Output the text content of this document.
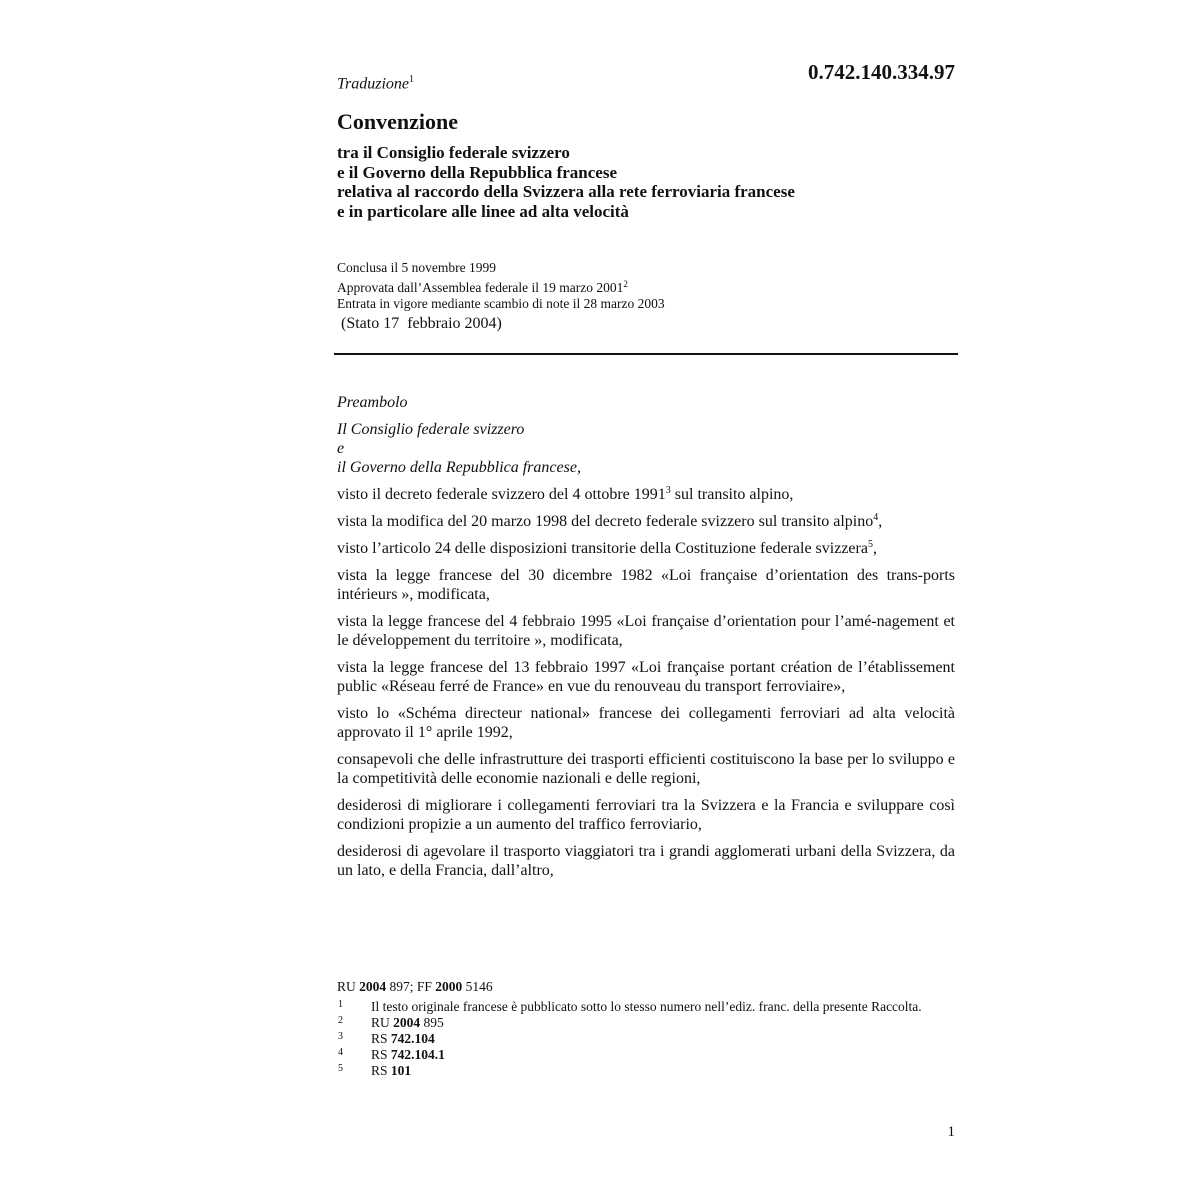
0.742.140.334.97
Traduzione$^1$
Convenzione
tra il Consiglio federale svizzero
e il Governo della Repubblica francese
relativa al raccordo della Svizzera alla rete ferroviaria francese
e in particolare alle linee ad alta velocità
Conclusa il 5 novembre 1999
Approvata dall’Assemblea federale il 19 marzo 2001$^2$
Entrata in vigore mediante scambio di note il 28 marzo 2003
(Stato 17  febbraio 2004)
Preambolo
Il Consiglio federale svizzero
e
il Governo della Repubblica francese,

visto il decreto federale svizzero del 4 ottobre 1991$^3$ sul transito alpino,

vista la modifica del 20 marzo 1998 del decreto federale svizzero sul transito alpino$^4$,

visto l’articolo 24 delle disposizioni transitorie della Costituzione federale svizzera$^5$,

vista la legge francese del 30 dicembre 1982 «Loi française d’orientation des trans-ports intérieurs », modificata,

vista la legge francese del 4 febbraio 1995 «Loi française d’orientation pour l’amé-nagement et le développement du territoire », modificata,

vista la legge francese del 13 febbraio 1997 «Loi française portant création de l’établissement public «Réseau ferré de France» en vue du renouveau du transport ferroviaire»,

visto lo «Schéma directeur national» francese dei collegamenti ferroviari ad alta velocità approvato il 1° aprile 1992,

consapevoli che delle infrastrutture dei trasporti efficienti costituiscono la base per lo sviluppo e la competitività delle economie nazionali e delle regioni,

desiderosi di migliorare i collegamenti ferroviari tra la Svizzera e la Francia e sviluppare così condizioni propizie a un aumento del traffico ferroviario,

desiderosi di agevolare il trasporto viaggiatori tra i grandi agglomerati urbani della Svizzera, da un lato, e della Francia, dall’altro,

RU 2004 897; FF 2000 5146
1 Il testo originale francese è pubblicato sotto lo stesso numero nell’ediz. franc. della presente Raccolta.
2 RU 2004 895
3 RS 742.104
4 RS 742.104.1
5 RS 101
1
